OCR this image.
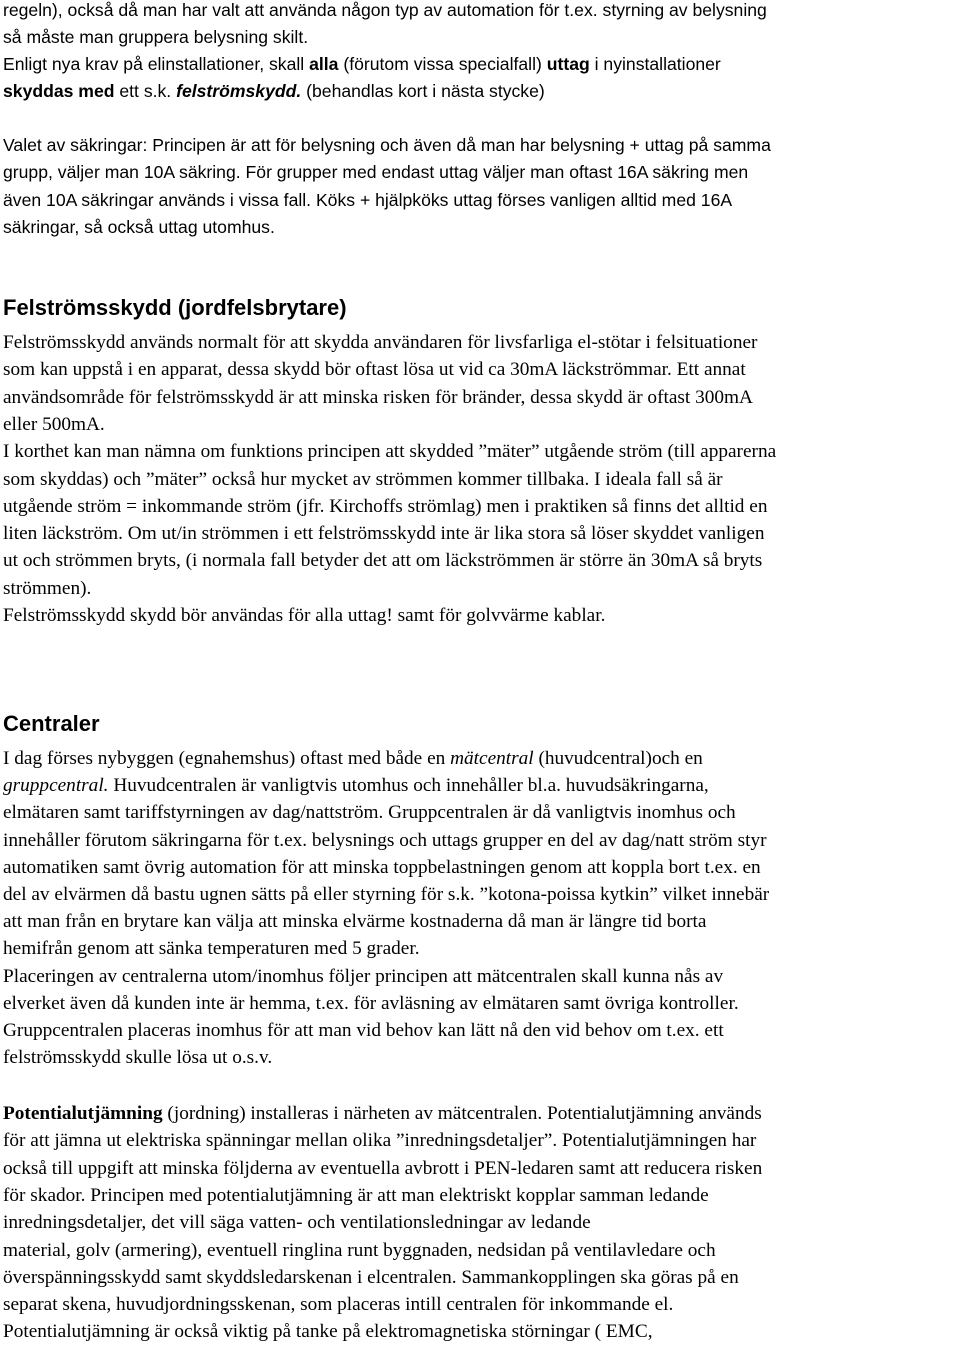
regeln), också då man har valt att använda någon typ av automation för t.ex. styrning av belysning
så måste man gruppera belysning skilt.
Enligt nya krav på elinstallationer, skall alla (förutom vissa specialfall) uttag i nyinstallationer
skyddas med ett s.k. felströmskydd. (behandlas kort i nästa stycke)
Valet av säkringar: Principen är att för belysning och även då man har belysning + uttag på samma
grupp, väljer man 10A säkring. För grupper med endast uttag väljer man oftast 16A säkring men
även 10A säkringar används i vissa fall. Köks + hjälpköks uttag förses vanligen alltid med 16A
säkringar, så också uttag utomhus.
Felströmsskydd (jordfelsbrytare)
Felströmsskydd används normalt för att skydda användaren för livsfarliga el-stötar i felsituationer
som kan uppstå i en apparat, dessa skydd bör oftast lösa ut vid ca 30mA läckströmmar. Ett annat
användsområde för felströmsskydd är att minska risken för bränder, dessa skydd är oftast 300mA
eller 500mA.
I korthet kan man nämna om funktions principen att skydded ”mäter” utgående ström (till apparerna
som skyddas) och ”mäter” också hur mycket av strömmen kommer tillbaka. I ideala fall så är
utgående ström = inkommande ström (jfr. Kirchoffs strömlag) men i praktiken så finns det alltid en
liten läckström. Om ut/in strömmen i ett felströmsskydd inte är lika stora så löser skyddet vanligen
ut och strömmen bryts, (i normala fall betyder det att om läckströmmen är större än 30mA så bryts
strömmen).
Felströmsskydd skydd bör användas för alla uttag! samt för golvvärme kablar.
Centraler
I dag förses nybyggen (egnahemshus) oftast med både en mätcentral (huvudcentral)och en
gruppcentral. Huvudcentralen är vanligtvis utomhus och innehåller bl.a. huvudsäkringarna,
elmätaren samt tariffstyrningen av dag/nattström. Gruppcentralen är då vanligtvis inomhus och
innehåller förutom säkringarna för t.ex. belysnings och uttags grupper en del av dag/natt ström styr
automatiken samt övrig automation för att minska toppbelastningen genom att koppla bort t.ex. en
del av elvärmen då bastu ugnen sätts på eller styrning för s.k. ”kotona-poissa kytkin” vilket innebär
att man från en brytare kan välja att minska elvärme kostnaderna då man är längre tid borta
hemifrån genom att sänka temperaturen med 5 grader.
Placeringen av centralerna utom/inomhus följer principen att mätcentralen skall kunna nås av
elverket även då kunden inte är hemma, t.ex. för avläsning av elmätaren samt övriga kontroller.
Gruppcentralen placeras inomhus för att man vid behov kan lätt nå den vid behov om t.ex. ett
felströmsskydd skulle lösa ut o.s.v.
Potentialutjämning (jordning) installeras i närheten av mätcentralen. Potentialutjämning används
för att jämna ut elektriska spänningar mellan olika ”inredningsdetaljer”. Potentialutjämningen har
också till uppgift att minska följderna av eventuella avbrott i PEN-ledaren samt att reducera risken
för skador. Principen med potentialutjämning är att man elektriskt kopplar samman ledande
inredningsdetaljer, det vill säga vatten- och ventilationsledningar av ledande
material, golv (armering), eventuell ringlina runt byggnaden, nedsidan på ventilavledare och
överspänningsskydd samt skyddsledarskenan i elcentralen. Sammankopplingen ska göras på en
separat skena, huvudjordningsskenan, som placeras intill centralen för inkommande el.
Potentialutjämning är också viktig på tanke på elektromagnetiska störningar ( EMC,
